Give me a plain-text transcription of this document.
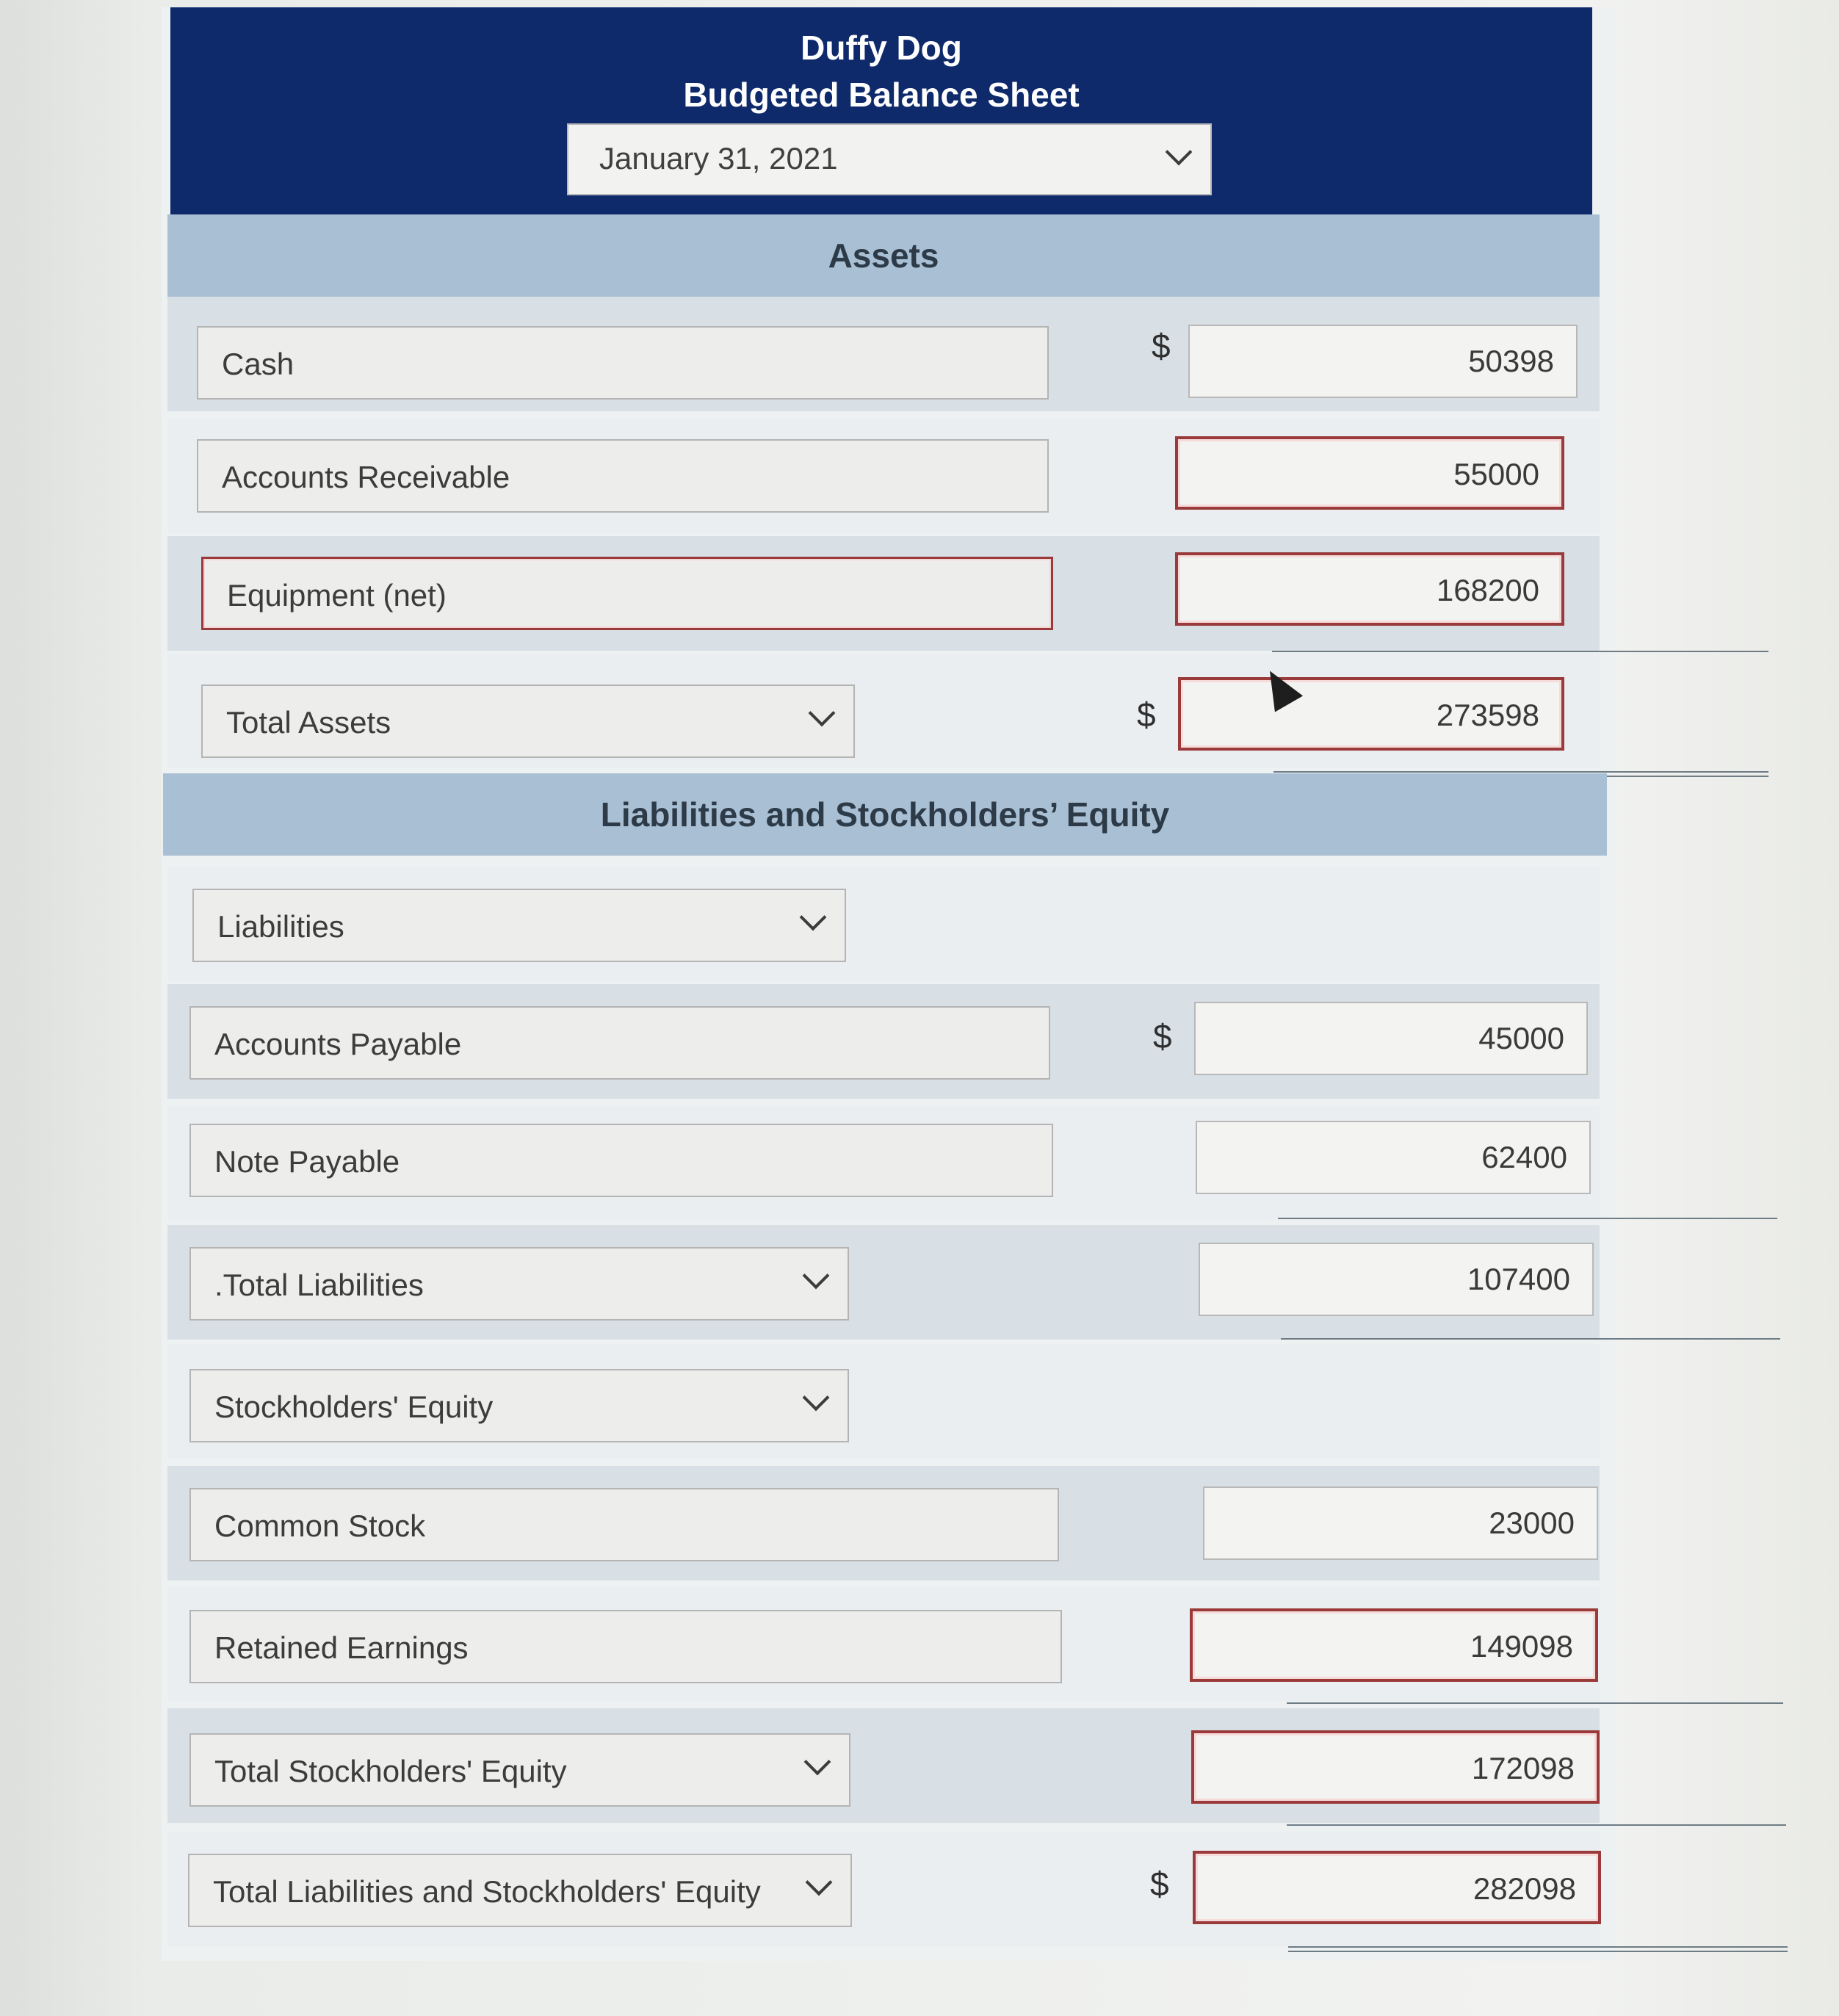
Duffy Dog
Budgeted Balance Sheet
January 31, 2021
Assets
Cash	$	50398
Accounts Receivable	55000
Equipment (net)	168200
Total Assets	$	273598
Liabilities and Stockholders’ Equity
Liabilities
Accounts Payable	$	45000
Note Payable	62400
.Total Liabilities	107400
Stockholders' Equity
Common Stock	23000
Retained Earnings	149098
Total Stockholders' Equity	172098
Total Liabilities and Stockholders' Equity	$	282098
